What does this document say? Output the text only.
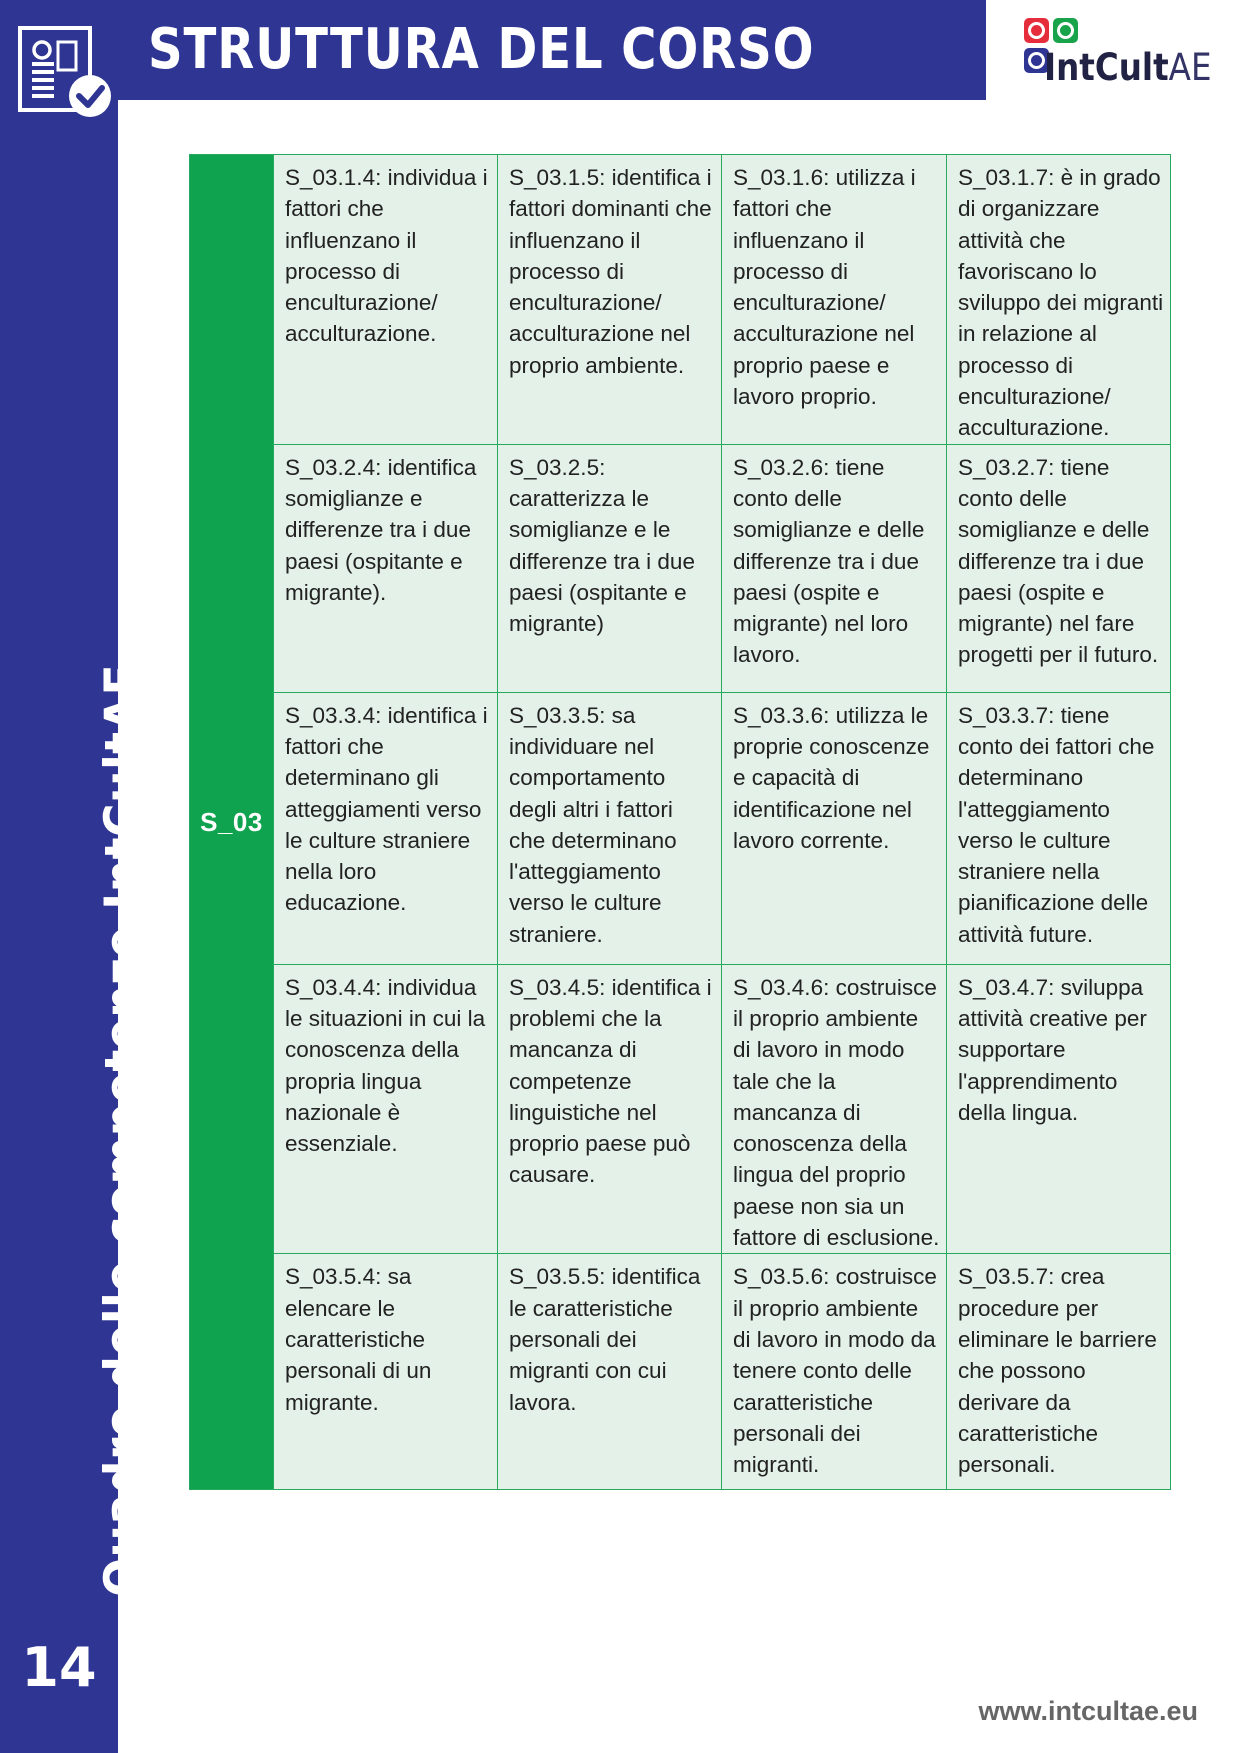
STRUTTURA DEL CORSO	IntCultAE
Quadro delle competenze IntCultAE
14
S_03	S_03.1.4: individua i fattori che influenzano il processo di enculturazione/ acculturazione.	S_03.1.5: identifica i fattori dominanti che influenzano il processo di enculturazione/ acculturazione nel proprio ambiente.	S_03.1.6: utilizza i fattori che influenzano il processo di enculturazione/ acculturazione nel proprio paese e lavoro proprio.	S_03.1.7: è in grado di organizzare attività che favoriscano lo sviluppo dei migranti in relazione al processo di enculturazione/ acculturazione.
	S_03.2.4: identifica somiglianze e differenze tra i due paesi (ospitante e migrante).	S_03.2.5: caratterizza le somiglianze e le differenze tra i due paesi (ospitante e migrante)	S_03.2.6: tiene conto delle somiglianze e delle differenze tra i due paesi (ospite e migrante) nel loro lavoro.	S_03.2.7: tiene conto delle somiglianze e delle differenze tra i due paesi (ospite e migrante) nel fare progetti per il futuro.
	S_03.3.4: identifica i fattori che determinano gli atteggiamenti verso le culture straniere nella loro educazione.	S_03.3.5: sa individuare nel comportamento degli altri i fattori che determinano l'atteggiamento verso le culture straniere.	S_03.3.6: utilizza le proprie conoscenze e capacità di identificazione nel lavoro corrente.	S_03.3.7: tiene conto dei fattori che determinano l'atteggiamento verso le culture straniere nella pianificazione delle attività future.
	S_03.4.4: individua le situazioni in cui la conoscenza della propria lingua nazionale è essenziale.	S_03.4.5: identifica i problemi che la mancanza di competenze linguistiche nel proprio paese può causare.	S_03.4.6: costruisce il proprio ambiente di lavoro in modo tale che la mancanza di conoscenza della lingua del proprio paese non sia un fattore di esclusione.	S_03.4.7: sviluppa attività creative per supportare l'apprendimento della lingua.
	S_03.5.4: sa elencare le caratteristiche personali di un migrante.	S_03.5.5: identifica le caratteristiche personali dei migranti con cui lavora.	S_03.5.6: costruisce il proprio ambiente di lavoro in modo da tenere conto delle caratteristiche personali dei migranti.	S_03.5.7: crea procedure per eliminare le barriere che possono derivare da caratteristiche personali.
www.intcultae.eu
